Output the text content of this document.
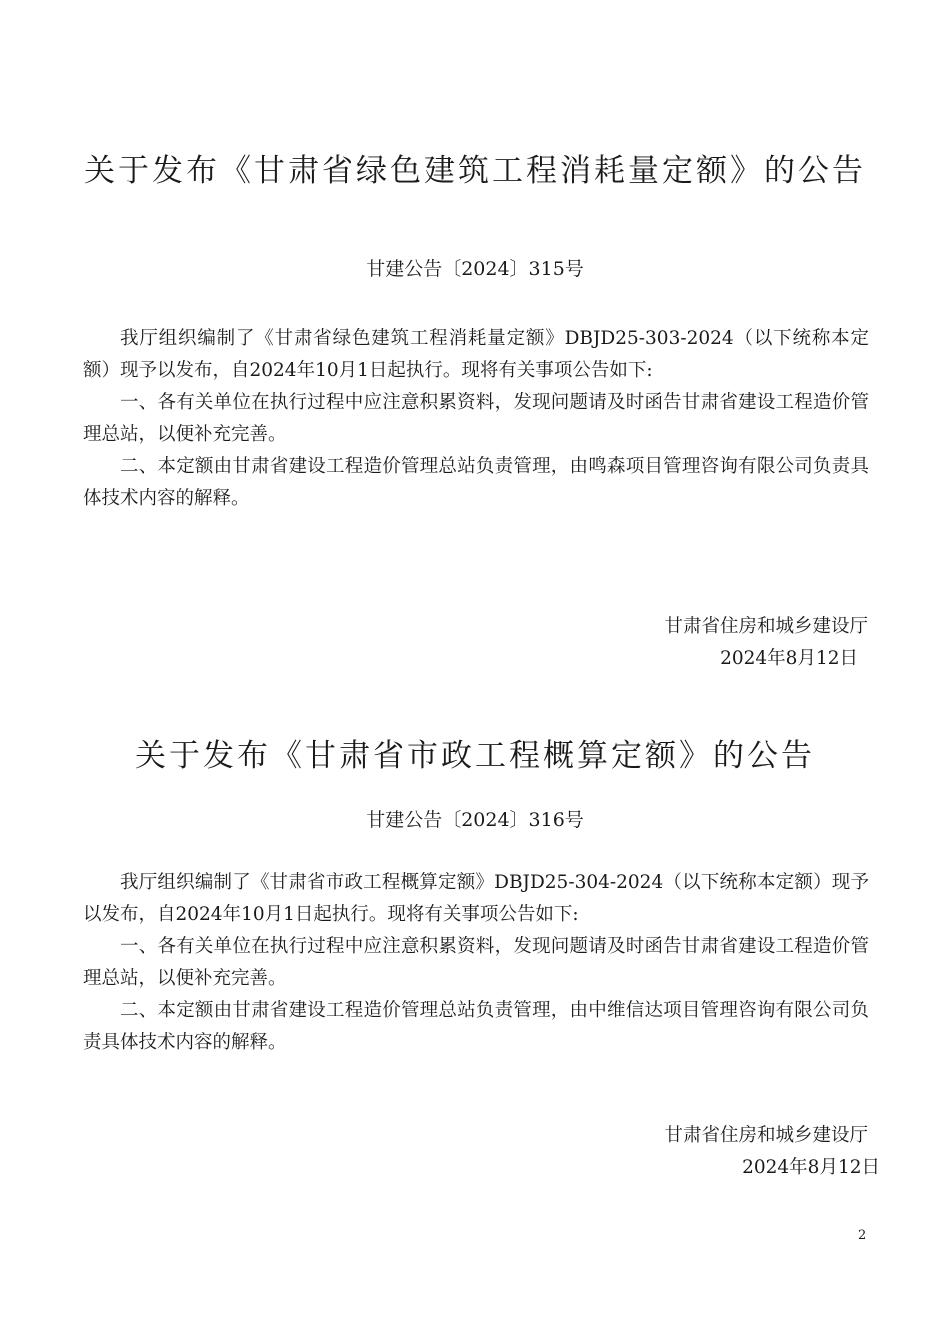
关于发布《甘肃省绿色建筑工程消耗量定额》的公告
甘建公告〔2024〕315号

我厅组织编制了《甘肃省绿色建筑工程消耗量定额》DBJD25-303-2024（以下统称本定额）现予以发布，自2024年10月1日起执行。现将有关事项公告如下:

一、各有关单位在执行过程中应注意积累资料，发现问题请及时函告甘肃省建设工程造价管理总站，以便补充完善。

二、本定额由甘肃省建设工程造价管理总站负责管理，由鸣森项目管理咨询有限公司负责具体技术内容的解释。

甘肃省住房和城乡建设厅
2024年8月12日
关于发布《甘肃省市政工程概算定额》的公告
甘建公告〔2024〕316号

我厅组织编制了《甘肃省市政工程概算定额》DBJD25-304-2024（以下统称本定额）现予以发布，自2024年10月1日起执行。现将有关事项公告如下:

一、各有关单位在执行过程中应注意积累资料，发现问题请及时函告甘肃省建设工程造价管理总站，以便补充完善。

二、本定额由甘肃省建设工程造价管理总站负责管理，由中维信达项目管理咨询有限公司负责具体技术内容的解释。

甘肃省住房和城乡建设厅
2024年8月12日
2
